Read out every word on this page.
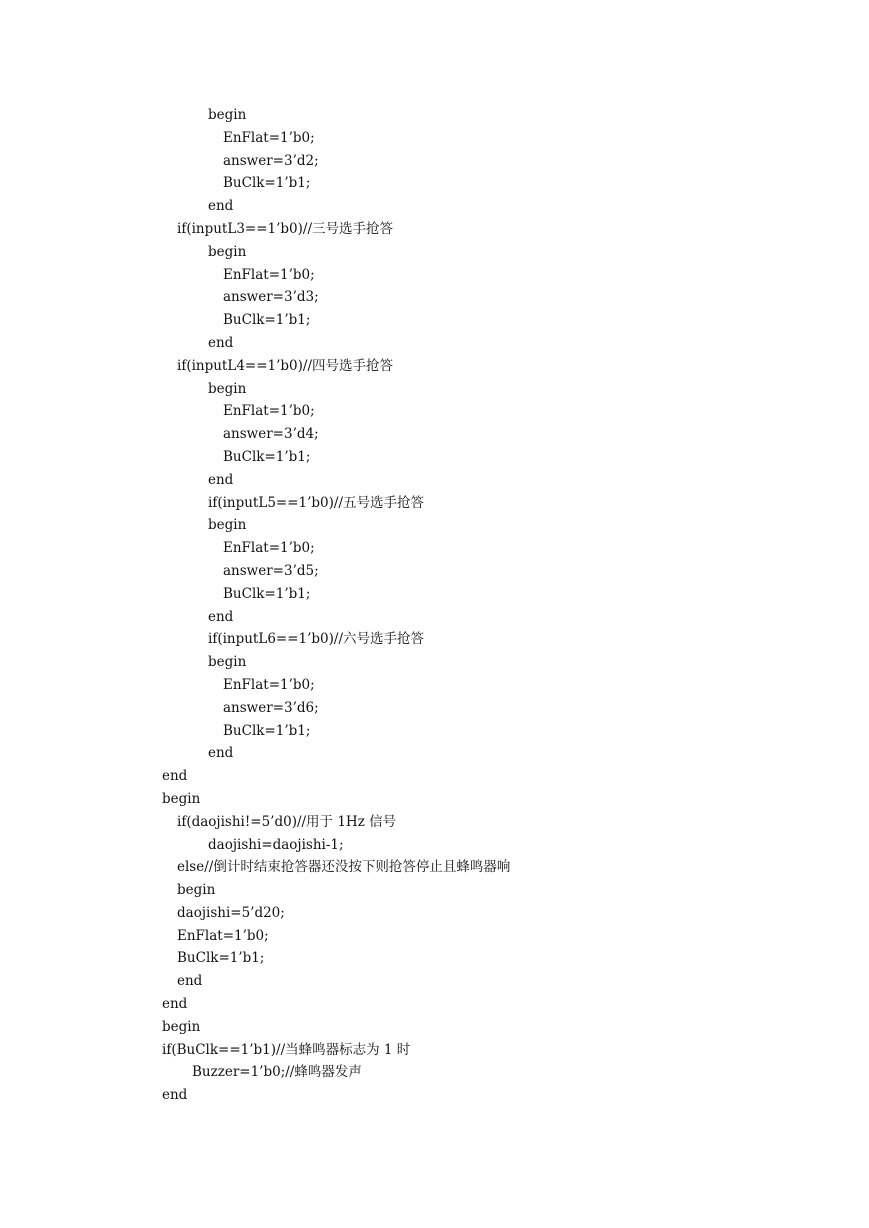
begin
EnFlat=1’b0;
answer=3’d2;
BuClk=1’b1;
end
if(inputL3==1’b0)//三号选手抢答
begin
EnFlat=1’b0;
answer=3’d3;
BuClk=1’b1;
end
if(inputL4==1’b0)//四号选手抢答
begin
EnFlat=1’b0;
answer=3’d4;
BuClk=1’b1;
end
if(inputL5==1’b0)//五号选手抢答
begin
EnFlat=1’b0;
answer=3’d5;
BuClk=1’b1;
end
if(inputL6==1’b0)//六号选手抢答
begin
EnFlat=1’b0;
answer=3’d6;
BuClk=1’b1;
end
end
begin
if(daojishi!=5’d0)//用于 1Hz 信号
daojishi=daojishi-1;
else//倒计时结束抢答器还没按下则抢答停止且蜂鸣器响
begin
daojishi=5’d20;
EnFlat=1’b0;
BuClk=1’b1;
end
end
begin
if(BuClk==1’b1)//当蜂鸣器标志为 1 时
Buzzer=1’b0;//蜂鸣器发声
end
